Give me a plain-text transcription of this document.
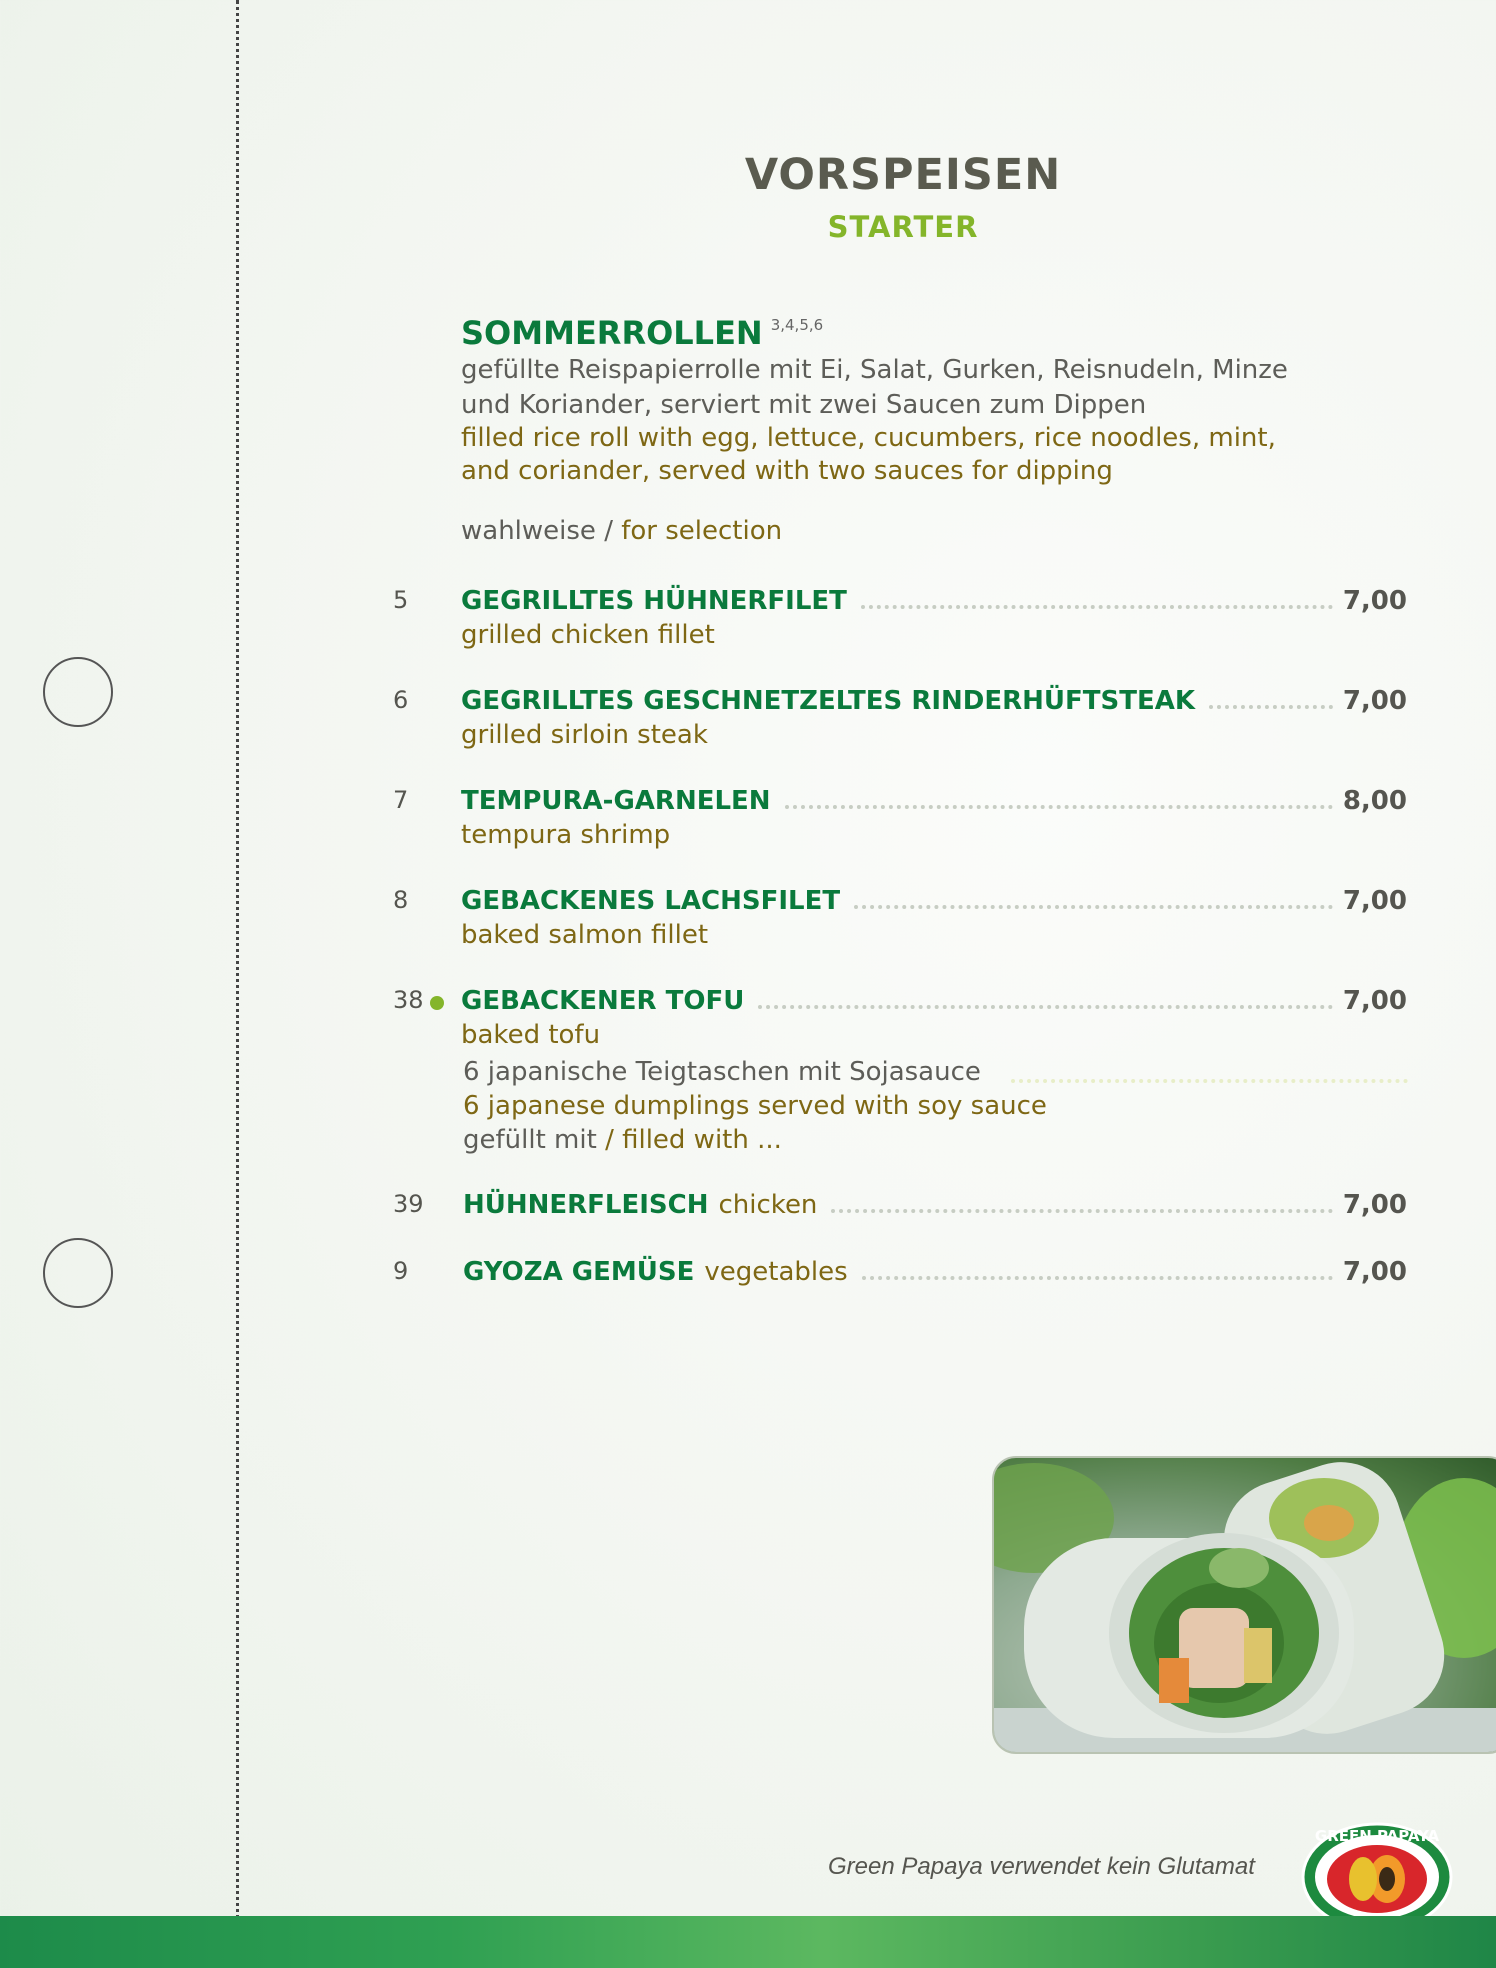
VORSPEISEN
STARTER
SOMMERROLLEN $^{3,4,5,6}$
gefüllte Reispapierrolle mit Ei, Salat, Gurken, Reisnudeln, Minze
und Koriander, serviert mit zwei Saucen zum Dippen
filled rice roll with egg, lettuce, cucumbers, rice noodles, mint,
and coriander, served with two sauces for dipping
wahlweise / for selection
5 GEGRILLTES HÜHNERFILET	7,00
grilled chicken fillet
6 GEGRILLTES GESCHNETZELTES RINDERHÜFTSTEAK	7,00
grilled sirloin steak
7 TEMPURA-GARNELEN	8,00
tempura shrimp
8 GEBACKENES LACHSFILET	7,00
baked salmon fillet
38 GEBACKENER TOFU	7,00
baked tofu
6 japanische Teigtaschen mit Sojasauce
6 japanese dumplings served with soy sauce
gefüllt mit / filled with ...
39 HÜHNERFLEISCH chicken	7,00
9 GYOZA GEMÜSE vegetables	7,00
Green Papaya verwendet kein Glutamat
GREEN PAPAYA
